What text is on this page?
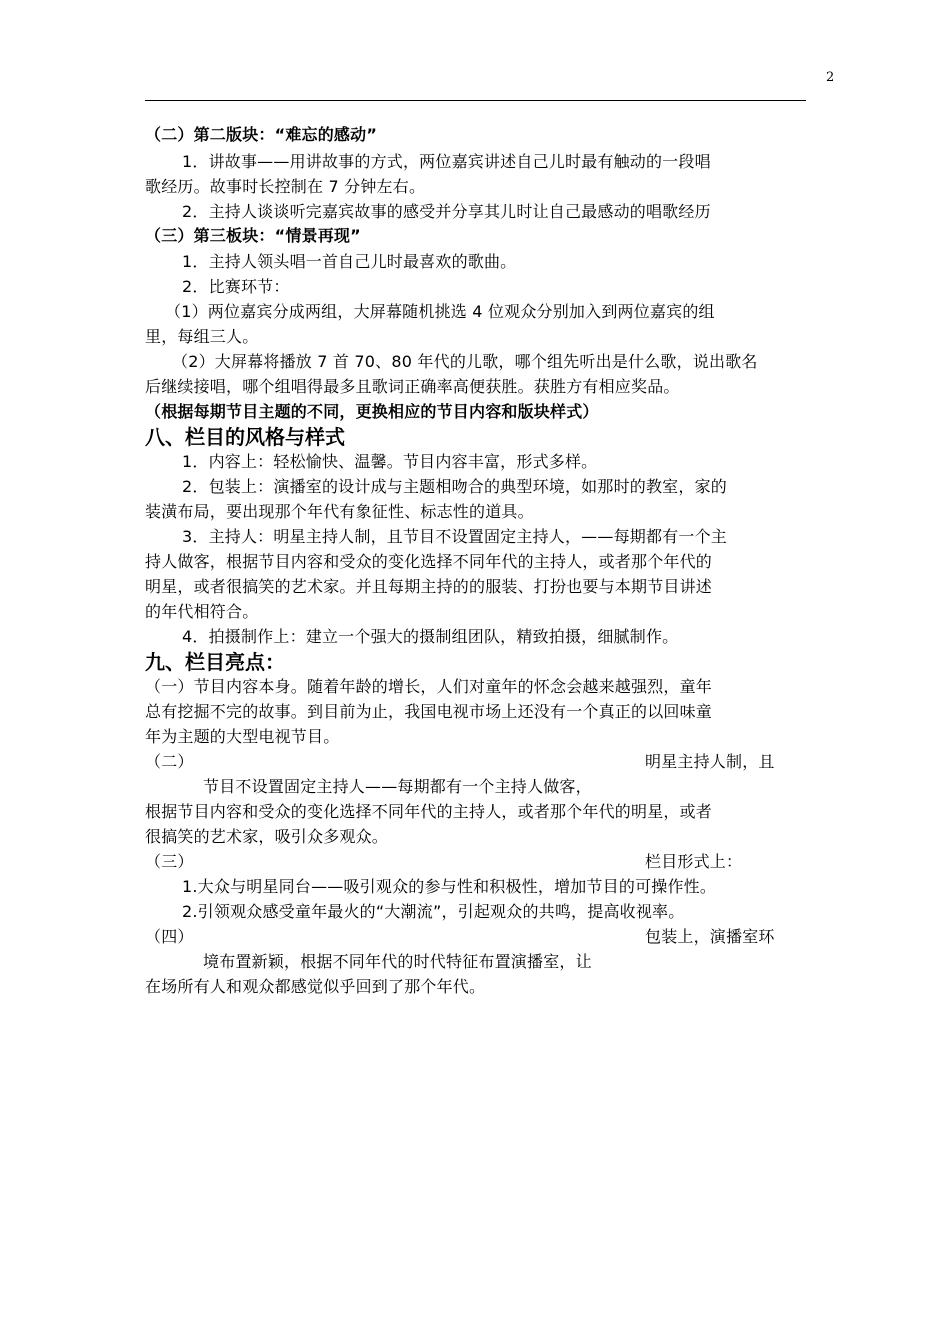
2
（二）第二版块：“难忘的感动”
1．讲故事——用讲故事的方式，两位嘉宾讲述自己儿时最有触动的一段唱
歌经历。故事时长控制在 7 分钟左右。
2．主持人谈谈听完嘉宾故事的感受并分享其儿时让自己最感动的唱歌经历
（三）第三板块：“情景再现”
1．主持人领头唱一首自己儿时最喜欢的歌曲。
2．比赛环节：
（1）两位嘉宾分成两组，大屏幕随机挑选 4 位观众分别加入到两位嘉宾的组
里，每组三人。
（2）大屏幕将播放 7 首 70、80 年代的儿歌，哪个组先听出是什么歌，说出歌名
后继续接唱，哪个组唱得最多且歌词正确率高便获胜。获胜方有相应奖品。
（根据每期节目主题的不同，更换相应的节目内容和版块样式）
八、栏目的风格与样式
1．内容上：轻松愉快、温馨。节目内容丰富，形式多样。
2．包装上：演播室的设计成与主题相吻合的典型环境，如那时的教室，家的
装潢布局，要出现那个年代有象征性、标志性的道具。
3．主持人：明星主持人制，且节目不设置固定主持人，——每期都有一个主
持人做客，根据节目内容和受众的变化选择不同年代的主持人，或者那个年代的
明星，或者很搞笑的艺术家。并且每期主持的的服装、打扮也要与本期节目讲述
的年代相符合。
4．拍摄制作上：建立一个强大的摄制组团队，精致拍摄，细腻制作。
九、栏目亮点：
（一）节目内容本身。随着年龄的增长，人们对童年的怀念会越来越强烈，童年
总有挖掘不完的故事。到目前为止，我国电视市场上还没有一个真正的以回味童
年为主题的大型电视节目。
（二）	明星主持人制，且
节目不设置固定主持人——每期都有一个主持人做客，
根据节目内容和受众的变化选择不同年代的主持人，或者那个年代的明星，或者
很搞笑的艺术家，吸引众多观众。
（三）	栏目形式上：
1.大众与明星同台——吸引观众的参与性和积极性，增加节目的可操作性。
2.引领观众感受童年最火的“大潮流”，引起观众的共鸣，提高收视率。
（四）	包装上，演播室环
境布置新颖，根据不同年代的时代特征布置演播室，让
在场所有人和观众都感觉似乎回到了那个年代。
